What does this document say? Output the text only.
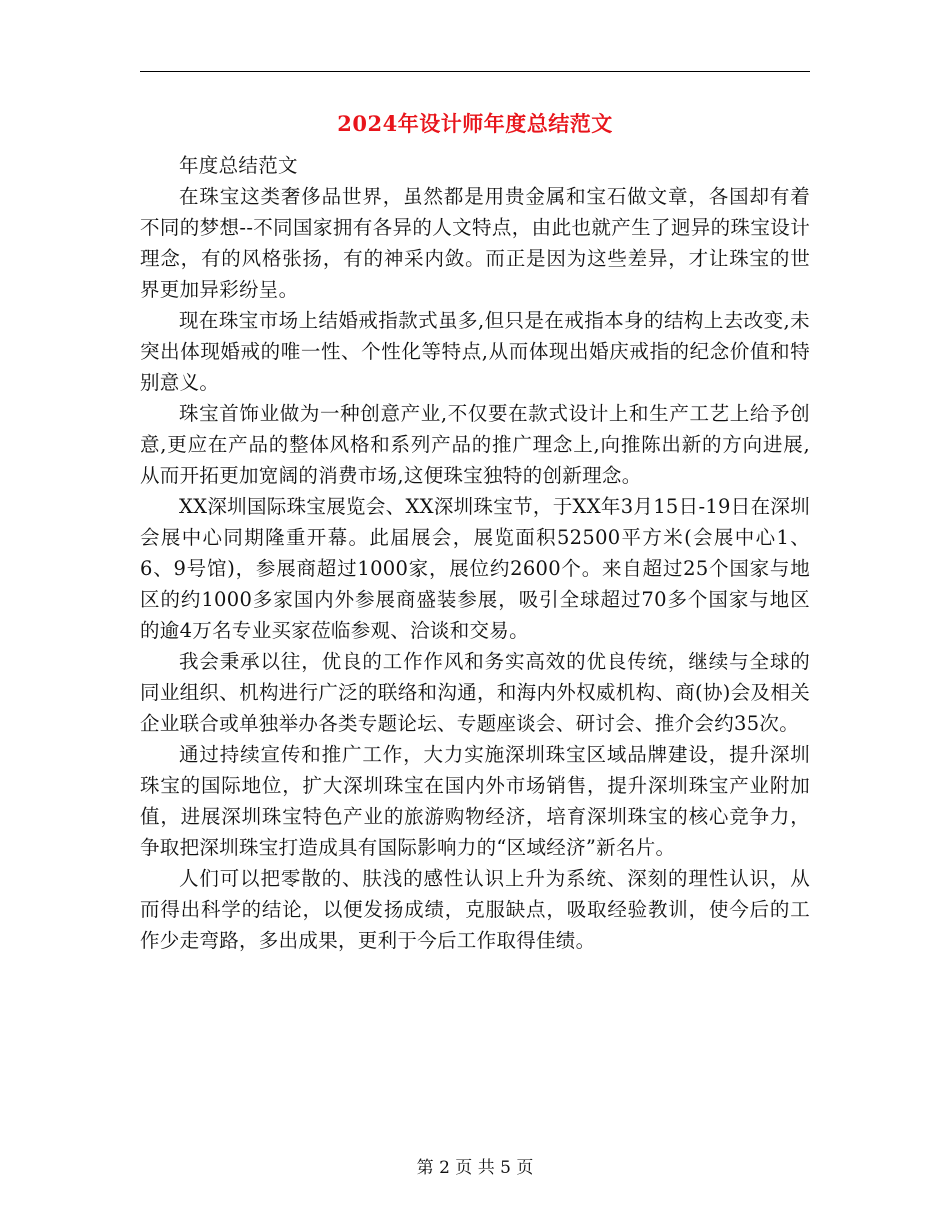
2024年设计师年度总结范文

年度总结范文

在珠宝这类奢侈品世界，虽然都是用贵金属和宝石做文章，各国却有着不同的梦想--不同国家拥有各异的人文特点，由此也就产生了迥异的珠宝设计理念，有的风格张扬，有的神采内敛。而正是因为这些差异，才让珠宝的世界更加异彩纷呈。

现在珠宝市场上结婚戒指款式虽多,但只是在戒指本身的结构上去改变,未突出体现婚戒的唯一性、个性化等特点,从而体现出婚庆戒指的纪念价值和特别意义。

珠宝首饰业做为一种创意产业,不仅要在款式设计上和生产工艺上给予创意,更应在产品的整体风格和系列产品的推广理念上,向推陈出新的方向进展,从而开拓更加宽阔的消费市场,这便珠宝独特的创新理念。

XX深圳国际珠宝展览会、XX深圳珠宝节，于XX年3月15日-19日在深圳会展中心同期隆重开幕。此届展会，展览面积52500平方米(会展中心1、6、9号馆)，参展商超过1000家，展位约2600个。来自超过25个国家与地区的约1000多家国内外参展商盛装参展，吸引全球超过70多个国家与地区的逾4万名专业买家莅临参观、洽谈和交易。

我会秉承以往，优良的工作作风和务实高效的优良传统，继续与全球的同业组织、机构进行广泛的联络和沟通，和海内外权威机构、商(协)会及相关企业联合或单独举办各类专题论坛、专题座谈会、研讨会、推介会约35次。

通过持续宣传和推广工作，大力实施深圳珠宝区域品牌建设，提升深圳珠宝的国际地位，扩大深圳珠宝在国内外市场销售，提升深圳珠宝产业附加值，进展深圳珠宝特色产业的旅游购物经济，培育深圳珠宝的核心竞争力，争取把深圳珠宝打造成具有国际影响力的“区域经济”新名片。

人们可以把零散的、肤浅的感性认识上升为系统、深刻的理性认识，从而得出科学的结论，以便发扬成绩，克服缺点，吸取经验教训，使今后的工作少走弯路，多出成果，更利于今后工作取得佳绩。

第 2 页 共 5 页
